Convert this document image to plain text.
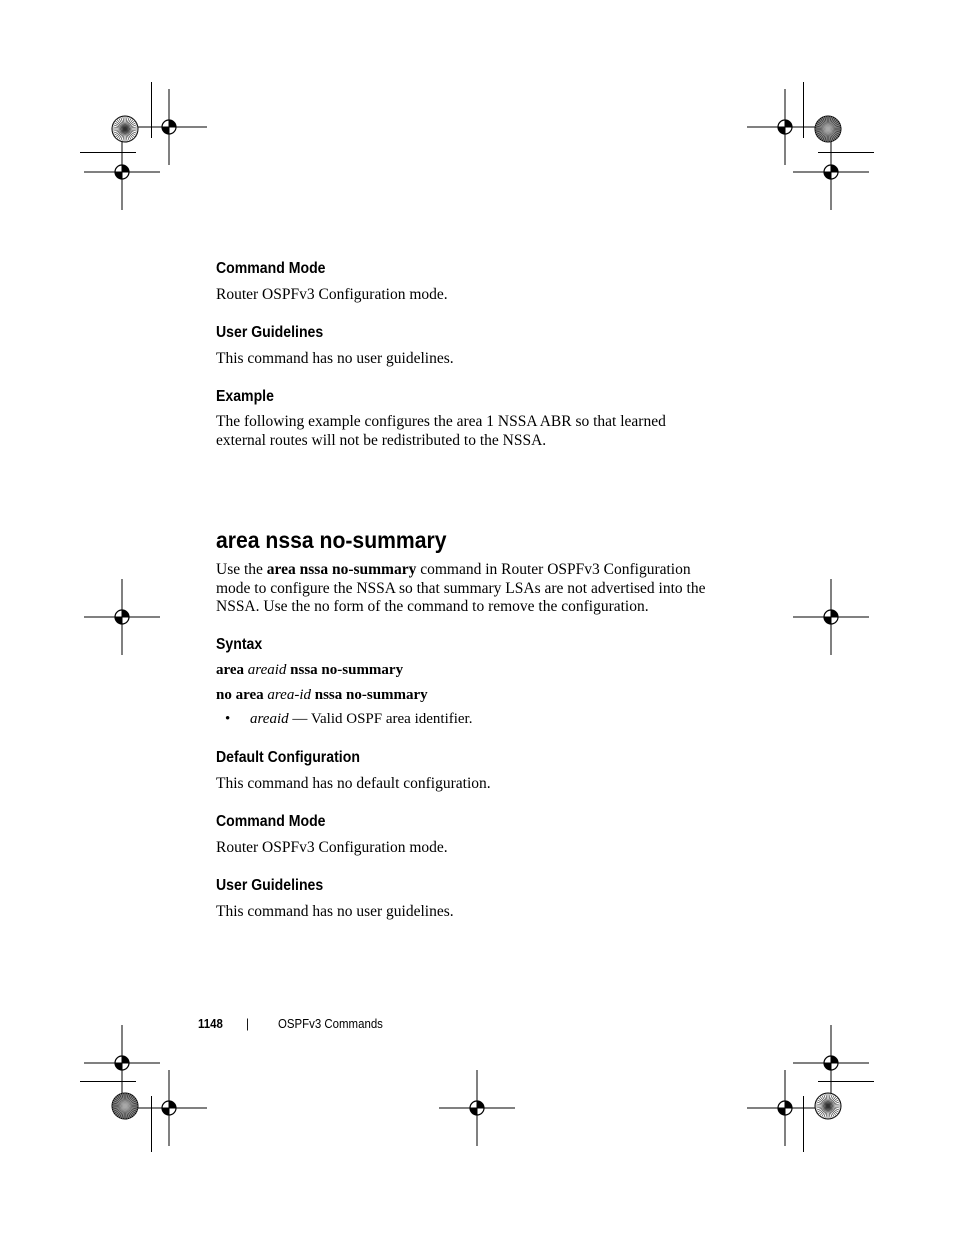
Command Mode
Router OSPFv3 Configuration mode.
User Guidelines
This command has no user guidelines.
Example
The following example configures the area 1 NSSA ABR so that learned external routes will not be redistributed to the NSSA.
area nssa no-summary
Use the area nssa no-summary command in Router OSPFv3 Configuration mode to configure the NSSA so that summary LSAs are not advertised into the NSSA. Use the no form of the command to remove the configuration.
Syntax
area areaid nssa no-summary
no area area-id nssa no-summary
• areaid — Valid OSPF area identifier.
Default Configuration
This command has no default configuration.
Command Mode
Router OSPFv3 Configuration mode.
User Guidelines
This command has no user guidelines.
1148 | OSPFv3 Commands
